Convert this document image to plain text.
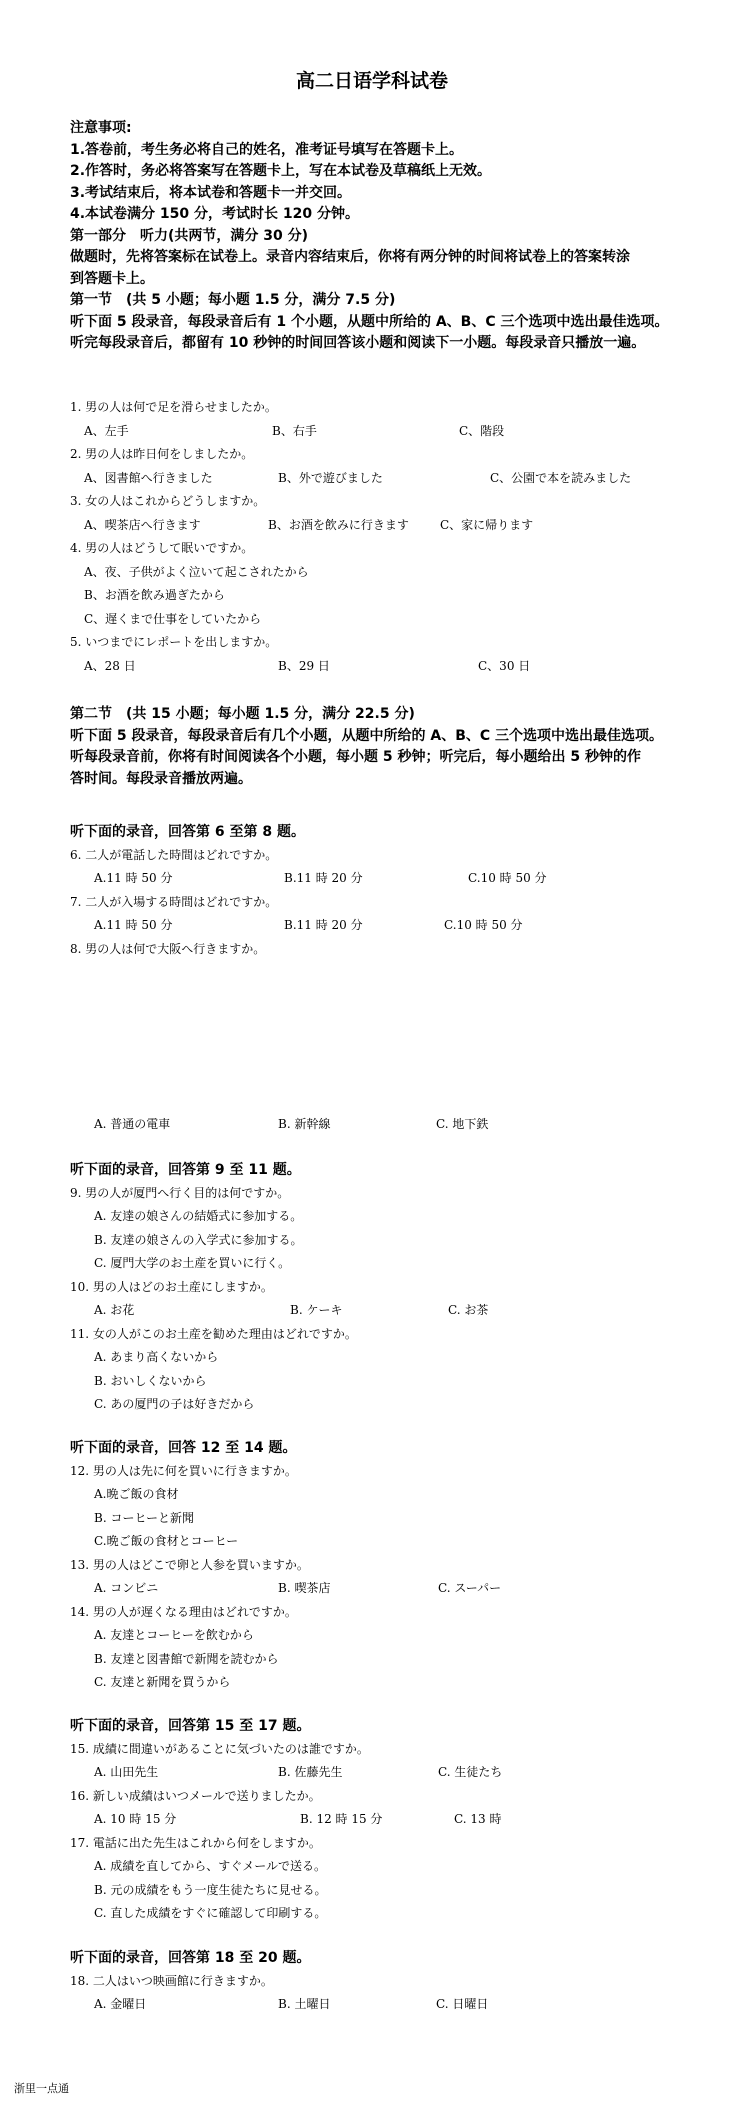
高二日语学科试卷
注意事项:
1.答卷前，考生务必将自己的姓名，准考证号填写在答题卡上。
2.作答时，务必将答案写在答题卡上，写在本试卷及草稿纸上无效。
3.考试结束后，将本试卷和答题卡一并交回。
4.本试卷满分 150 分，考试时长 120 分钟。
第一部分　听力(共两节，满分 30 分)
做题时，先将答案标在试卷上。录音内容结束后，你将有两分钟的时间将试卷上的答案转涂
到答题卡上。
第一节　(共 5 小题；每小题 1.5 分，满分 7.5 分)
听下面 5 段录音，每段录音后有 1 个小题，从题中所给的 A、B、C 三个选项中选出最佳选项。
听完每段录音后，都留有 10 秒钟的时间回答该小题和阅读下一小题。每段录音只播放一遍。
1. 男の人は何で足を滑らせましたか。
A、左手	B、右手	C、階段
2. 男の人は昨日何をしましたか。
A、図書館へ行きました	B、外で遊びました	C、公園で本を読みました
3. 女の人はこれからどうしますか。
A、喫茶店へ行きます	B、お酒を飲みに行きます	C、家に帰ります
4. 男の人はどうして眠いですか。
A、夜、子供がよく泣いて起こされたから
B、お酒を飲み過ぎたから
C、遅くまで仕事をしていたから
5. いつまでにレポートを出しますか。
A、28 日	B、29 日	C、30 日
第二节　(共 15 小题；每小题 1.5 分，满分 22.5 分)
听下面 5 段录音，每段录音后有几个小题，从题中所给的 A、B、C 三个选项中选出最佳选项。
听每段录音前，你将有时间阅读各个小题，每小题 5 秒钟；听完后，每小题给出 5 秒钟的作
答时间。每段录音播放两遍。
听下面的录音，回答第 6 至第 8 题。
6. 二人が電話した時間はどれですか。
A.11 時 50 分	B.11 時 20 分	C.10 時 50 分
7. 二人が入場する時間はどれですか。
A.11 時 50 分	B.11 時 20 分	C.10 時 50 分
8. 男の人は何で大阪へ行きますか。
A. 普通の電車	B. 新幹線	C. 地下鉄
听下面的录音，回答第 9 至 11 题。
9. 男の人が厦門へ行く目的は何ですか。
A. 友達の娘さんの結婚式に参加する。
B. 友達の娘さんの入学式に参加する。
C. 厦門大学のお土産を買いに行く。
10. 男の人はどのお土産にしますか。
A. お花	B. ケーキ	C. お茶
11. 女の人がこのお土産を勧めた理由はどれですか。
A. あまり高くないから
B. おいしくないから
C. あの厦門の子は好きだから
听下面的录音，回答 12 至 14 题。
12. 男の人は先に何を買いに行きますか。
A.晩ご飯の食材
B. コーヒーと新聞
C.晩ご飯の食材とコーヒー
13. 男の人はどこで卵と人参を買いますか。
A. コンビニ	B. 喫茶店	C. スーパー
14. 男の人が遅くなる理由はどれですか。
A. 友達とコーヒーを飲むから
B. 友達と図書館で新聞を読むから
C. 友達と新聞を買うから
听下面的录音，回答第 15 至 17 题。
15. 成績に間違いがあることに気づいたのは誰ですか。
A. 山田先生	B. 佐藤先生	C. 生徒たち
16. 新しい成績はいつメールで送りましたか。
A. 10 時 15 分	B. 12 時 15 分	C. 13 時
17. 電話に出た先生はこれから何をしますか。
A. 成績を直してから、すぐメールで送る。
B. 元の成績をもう一度生徒たちに見せる。
C. 直した成績をすぐに確認して印刷する。
听下面的录音，回答第 18 至 20 题。
18. 二人はいつ映画館に行きますか。
A. 金曜日	B. 土曜日	C. 日曜日
浙里一点通
